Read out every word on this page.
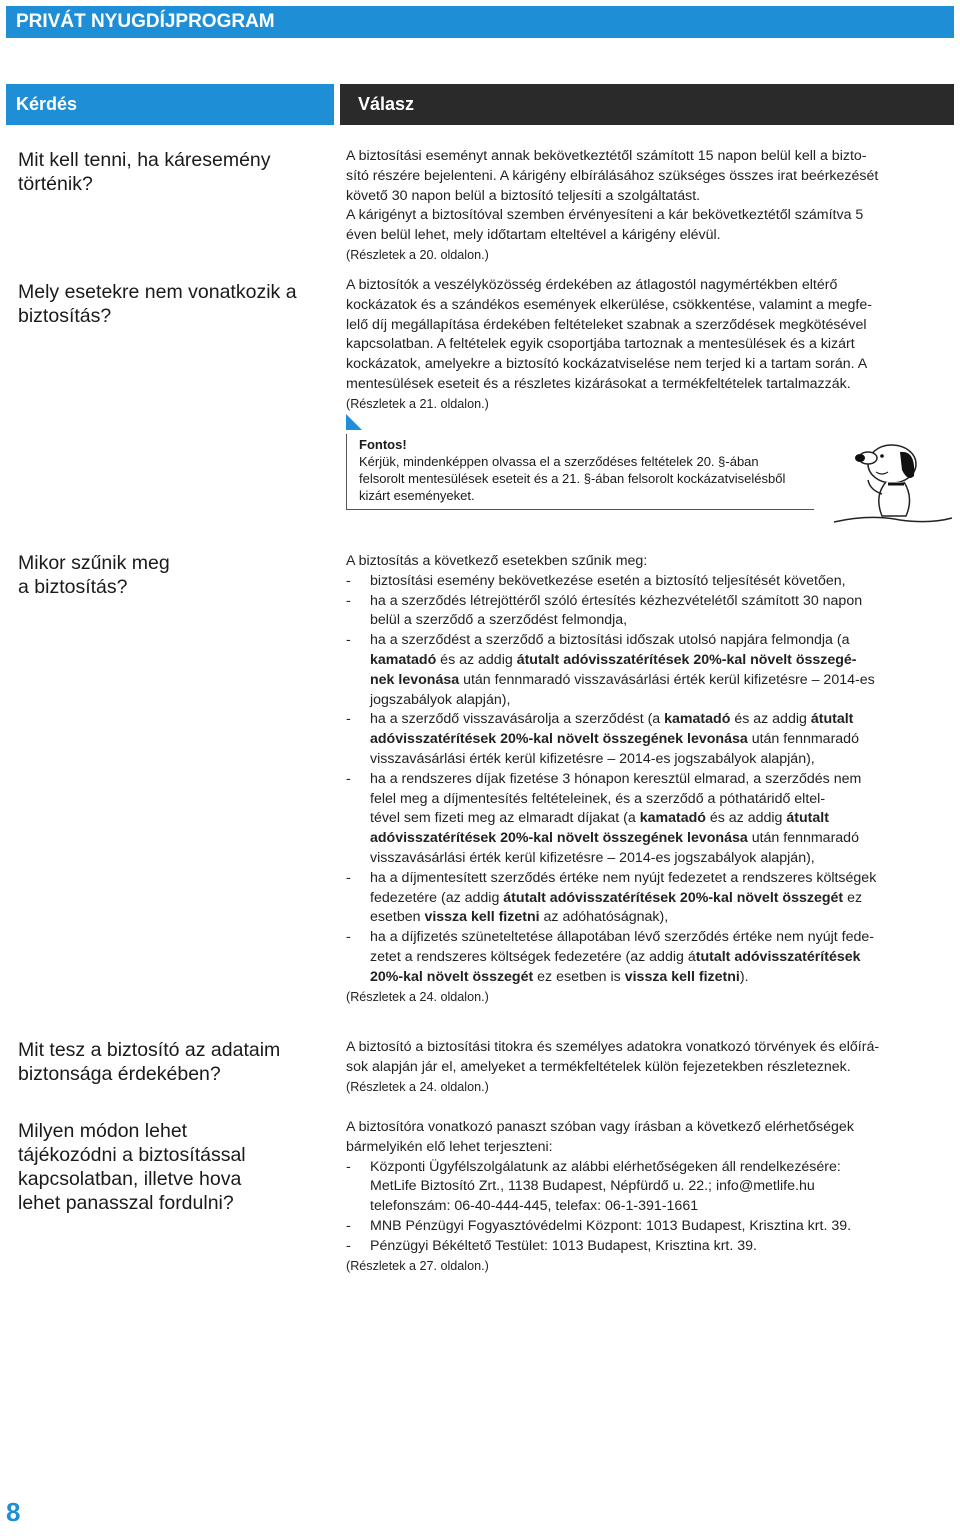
PRIVÁT NYUGDÍJPROGRAM
Kérdés	Válasz

Mit kell tenni, ha káresemény történik?

A biztosítási eseményt annak bekövetkeztétől számított 15 napon belül kell a bizto-

sító részére bejelenteni. A kárigény elbírálásához szükséges összes irat beérkezését

követő 30 napon belül a biztosító teljesíti a szolgáltatást.

A kárigényt a biztosítóval szemben érvényesíteni a kár bekövetkeztétől számítva 5

éven belül lehet, mely időtartam elteltével a kárigény elévül.

(Részletek a 20. oldalon.)

Mely esetekre nem vonatkozik a biztosítás?

A biztosítók a veszélyközösség érdekében az átlagostól nagymértékben eltérő

kockázatok és a szándékos események elkerülése, csökkentése, valamint a megfe-

lelő díj megállapítása érdekében feltételeket szabnak a szerződések megkötésével

kapcsolatban. A feltételek egyik csoportjába tartoznak a mentesülések és a kizárt

kockázatok, amelyekre a biztosító kockázatviselése nem terjed ki a tartam során. A

mentesülések eseteit és a részletes kizárásokat a termékfeltételek tartalmazzák.

(Részletek a 21. oldalon.)

Fontos!
Kérjük, mindenképpen olvassa el a szerződéses feltételek 20. §-ában
felsorolt mentesülések eseteit és a 21. §-ában felsorolt kockázatviselésből
kizárt eseményeket.

Mikor szűnik meg
a biztosítás?

A biztosítás a következő esetekben szűnik meg:

-	biztosítási esemény bekövetkezése esetén a biztosító teljesítését követően,
-	ha a szerződés létrejöttéről szóló értesítés kézhezvételétől számított 30 napon
belül a szerződő a szerződést felmondja,
-	ha a szerződést a szerződő a biztosítási időszak utolsó napjára felmondja (a
kamatadó és az addig átutalt adóvisszatérítések 20%-kal növelt összegé-
nek levonása után fennmaradó visszavásárlási érték kerül kifizetésre – 2014-es
jogszabályok alapján),
-	ha a szerződő visszavásárolja a szerződést (a kamatadó és az addig átutalt
adóvisszatérítések 20%-kal növelt összegének levonása után fennmaradó
visszavásárlási érték kerül kifizetésre – 2014-es jogszabályok alapján),
-	ha a rendszeres díjak fizetése 3 hónapon keresztül elmarad, a szerződés nem
felel meg a díjmentesítés feltételeinek, és a szerződő a póthatáridő eltel-
tével sem fizeti meg az elmaradt díjakat (a kamatadó és az addig átutalt
adóvisszatérítések 20%-kal növelt összegének levonása után fennmaradó
visszavásárlási érték kerül kifizetésre – 2014-es jogszabályok alapján),
-	ha a díjmentesített szerződés értéke nem nyújt fedezetet a rendszeres költségek
fedezetére (az addig átutalt adóvisszatérítések 20%-kal növelt összegét ez
esetben vissza kell fizetni az adóhatóságnak),
-	ha a díjfizetés szüneteltetése állapotában lévő szerződés értéke nem nyújt fede-
zetet a rendszeres költségek fedezetére (az addig átutalt adóvisszatérítések
20%-kal növelt összegét ez esetben is vissza kell fizetni).

(Részletek a 24. oldalon.)

Mit tesz a biztosító az adataim
biztonsága érdekében?

A biztosító a biztosítási titokra és személyes adatokra vonatkozó törvények és előírá-

sok alapján jár el, amelyeket a termékfeltételek külön fejezetekben részleteznek.

(Részletek a 24. oldalon.)

Milyen módon lehet
tájékozódni a biztosítással
kapcsolatban, illetve hova
lehet panasszal fordulni?

A biztosítóra vonatkozó panaszt szóban vagy írásban a következő elérhetőségek

bármelyikén elő lehet terjeszteni:

-	Központi Ügyfélszolgálatunk az alábbi elérhetőségeken áll rendelkezésére:
MetLife Biztosító Zrt., 1138 Budapest, Népfürdő u. 22.; info@metlife.hu
telefonszám: 06-40-444-445, telefax: 06-1-391-1661
-	MNB Pénzügyi Fogyasztóvédelmi Központ: 1013 Budapest, Krisztina krt. 39.
-	Pénzügyi Békéltető Testület: 1013 Budapest, Krisztina krt. 39.

(Részletek a 27. oldalon.)

8
